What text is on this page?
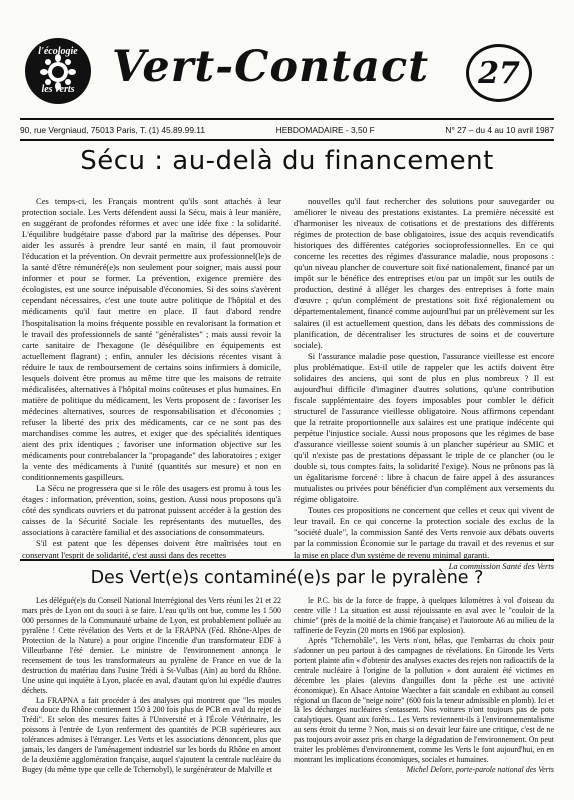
l'écologie
les verts Vert-Contact	27
90, rue Vergniaud, 75013 Paris, T. (1) 45.89.99.11	HEBDOMADAIRE - 3,50 F	N° 27 – du 4 au 10 avril 1987
Sécu : au-delà du financement

Ces temps-ci, les Français montrent qu'ils sont attachés à leur protection sociale. Les Verts défendent aussi la Sécu, mais à leur manière, en suggérant de profondes réformes et avec une idée fixe : la solidarité. L'équilibre budgétaire passe d'abord par la maîtrise des dépenses. Pour aider les assurés à prendre leur santé en main, il faut promouvoir l'éducation et la prévention. On devrait permettre aux professionnel(le)s de la santé d'être rémunéré(e)s non seulement pour soigner, mais aussi pour informer et pour se former. La prévention, exigence première des écologistes, est une source inépuisable d'économies. Si des soins s'avèrent cependant nécessaires, c'est une toute autre politique de l'hôpital et des médicaments qu'il faut mettre en place. Il faut d'abord rendre l'hospitalisation la moins fréquente possible en revalorisant la formation et le travail des professionnels de santé "généralistes" ; mais aussi revoir la carte sanitaire de l'hexagone (le déséquilibre en équipements est actuellement flagrant) ; enfin, annuler les décisions récentes visant à réduire le taux de remboursement de certains soins infirmiers à domicile, lesquels doivent être promus au même titre que les maisons de retraite médicalisées, alternatives à l'hôpital moins coûteuses et plus humaines. En matière de politique du médicament, les Verts proposent de : favoriser les médecines alternatives, sources de responsabilisation et d'économies ; refuser la liberté des prix des médicaments, car ce ne sont pas des marchandises comme les autres, et exiger que des spécialités identiques aient des prix identiques ; favoriser une information objective sur les médicaments pour contrebalancer la "propagande" des laboratoires ; exiger la vente des médicaments à l'unité (quantités sur mesure) et non en conditionnements gaspilleurs.

La Sécu ne progressera que si le rôle des usagers est promu à tous les étages : information, prévention, soins, gestion. Aussi nous proposons qu'à côté des syndicats ouvriers et du patronat puissent accéder à la gestion des caisses de la Sécurité Sociale les représentants des mutuelles, des associations à caractère familial et des associations de consommateurs.

S'il est patent que les dépenses doivent être maîtrisées tout en conservant l'esprit de solidarité, c'est aussi dans des recettes

nouvelles qu'il faut rechercher des solutions pour sauvegarder ou améliorer le niveau des prestations existantes. La première nécessité est d'harmoniser les niveaux de cotisations et de prestations des différents régimes de protection de base obligatoires, issue des acquis revendicatifs historiques des différentes catégories socioprofessionnelles. En ce qui concerne les recettes des régimes d'assurance maladie, nous proposons : qu'un niveau plancher de couverture soit fixé nationalement, financé par un impôt sur le bénéfice des entreprises et/ou par un impôt sur les outils de production, destiné à alléger les charges des entreprises à forte main d'œuvre ; qu'un complément de prestations soit fixé régionalement ou départementalement, financé comme aujourd'hui par un prélèvement sur les salaires (il est actuellement question, dans les débats des commissions de planification, de décentraliser les structures de soins et de couverture sociale).

Si l'assurance maladie pose question, l'assurance vieillesse est encore plus problématique. Est-il utile de rappeler que les actifs doivent être solidaires des anciens, qui sont de plus en plus nombreux ? Il est aujourd'hui difficile d'imaginer d'autres solutions, qu'une contribution fiscale supplémentaire des foyers imposables pour combler le déficit structurel de l'assurance vieillesse obligatoire. Nous affirmons cependant que la retraite proportionnelle aux salaires est une pratique indécente qui perpétue l'injustice sociale. Aussi nous proposons que les régimes de base d'assurance vieillesse soient soumis à un plancher supérieur au SMIC et qu'il n'existe pas de prestations dépassant le triple de ce plancher (ou le double si, tous comptes faits, la solidarité l'exige). Nous ne prônons pas là un égalitarisme forcené : libre à chacun de faire appel à des assurances mutualistes ou privées pour bénéficier d'un complément aux versements du régime obligatoire.

Toutes ces propositions ne concernent que celles et ceux qui vivent de leur travail. En ce qui concerne la protection sociale des exclus de la "société duale", la commission Santé des Verts renvoie aux débats ouverts par la commission Économie sur le partage du travail et des revenus et sur la mise en place d'un système de revenu minimal garanti.

La commission Santé des Verts

Des Vert(e)s contaminé(e)s par le pyralène ?

Les délégué(e)s du Conseil National Interrégional des Verts réuni les 21 et 22 mars près de Lyon ont du souci à se faire. L'eau qu'ils ont bue, comme les 1 500 000 personnes de la Communauté urbaine de Lyon, est probablement polluée au pyralène ! Cette révélation des Verts et de la FRAPNA (Féd. Rhône-Alpes de Protection de la Nature) a pour origine l'incendie d'un transformateur EDF à Villeurbanne l'été dernier. Le ministre de l'environnement annonça le recensement de tous les transformateurs au pyralène de France en vue de la destruction du matériau dans l'usine Trédi à St-Vulbas (Ain) au bord du Rhône. Une usine qui inquiète à Lyon, placée en aval, d'autant qu'on lui expédie d'autres déchets.

La FRAPNA a fait procéder à des analyses qui montrent que "les moules d'eau douce du Rhône contiennent 150 à 200 fois plus de PCB en aval du rejet de Trédi". Et selon des mesures faites à l'Université et à l'École Vétérinaire, les poissons à l'entrée de Lyon renferment des quantités de PCB supérieures aux tolérances admises à l'étranger. Les Verts et les associations dénoncent, plus que jamais, les dangers de l'aménagement industriel sur les bords du Rhône en amont de la deuxième agglomération française, auquel s'ajoutent la centrale nucléaire du Bugey (du même type que celle de Tchernobyl), le surgénérateur de Malville et

le P.C. bis de la force de frappe, à quelques kilomètres à vol d'oiseau du centre ville ! La situation est aussi réjouissante en aval avec le "couloir de la chimie" (près de la moitié de la chimie française) et l'autoroute A6 au milieu de la raffinerie de Feyzin (20 morts en 1966 par explosion).

Après "Tchernobâle", les Verts n'ont, hélas, que l'embarras du choix pour s'adonner un peu partout à des campagnes de révélations. En Gironde les Verts portent plainte afin « d'obtenir des analyses exactes des rejets non radioactifs de la centrale nucléaire à l'origine de la pollution » dont auraient été victimes en décembre les plaies (alevins d'anguilles dont la pêche est une activité économique). En Alsace Antoine Waechter a fait scandale en exhibant au conseil régional un flacon de "neige noire" (600 fois la teneur admissible en plomb). Ici et là les décharges nucléaires s'entassent. Nos voitures n'ont toujours pas de pots catalytiques. Quant aux forêts... Les Verts reviennent-ils à l'environnementalisme au sens étroit du terme ? Non, mais si on devait leur faire une critique, c'est de ne pas toujours avoir assez pris en charge la dégradation de l'environnement. On peut traiter les problèmes d'environnement, comme les Verts le font aujourd'hui, en en montrant les implications économiques, sociales et humaines.

Michel Delore, porte-parole national des Verts
